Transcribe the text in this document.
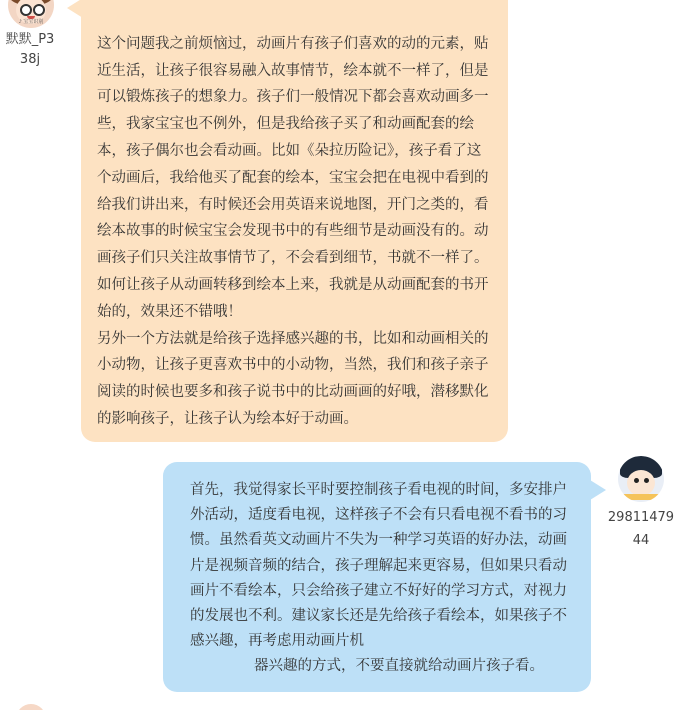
♪ 宝宝识别
默默_P338j

这个问题我之前烦恼过，动画片有孩子们喜欢的动的元素，贴近生活，让孩子很容易融入故事情节，绘本就不一样了，但是可以锻炼孩子的想象力。孩子们一般情况下都会喜欢动画多一些，我家宝宝也不例外，但是我给孩子买了和动画配套的绘本，孩子偶尔也会看动画。比如《朵拉历险记》，孩子看了这个动画后，我给他买了配套的绘本，宝宝会把在电视中看到的给我们讲出来，有时候还会用英语来说地图，开门之类的，看绘本故事的时候宝宝会发现书中的有些细节是动画没有的。动画孩子们只关注故事情节了，不会看到细节，书就不一样了。如何让孩子从动画转移到绘本上来，我就是从动画配套的书开始的，效果还不错哦！
另外一个方法就是给孩子选择感兴趣的书，比如和动画相关的小动物，让孩子更喜欢书中的小动物，当然，我们和孩子亲子阅读的时候也要多和孩子说书中的比动画画的好哦，潜移默化的影响孩子，让孩子认为绘本好于动画。

首先，我觉得家长平时要控制孩子看电视的时间，多安排户外活动，适度看电视，这样孩子不会有只看电视不看书的习惯。虽然看英文动画片不失为一种学习英语的好办法，动画片是视频音频的结合，孩子理解起来更容易，但如果只看动画片不看绘本，只会给孩子建立不好好的学习方式，对视力的发展也不利。建议家长还是先给孩子看绘本，如果孩子不感兴趣，再考虑用动画片机
器兴趣的方式，不要直接就给动画片孩子看。
2981147944
